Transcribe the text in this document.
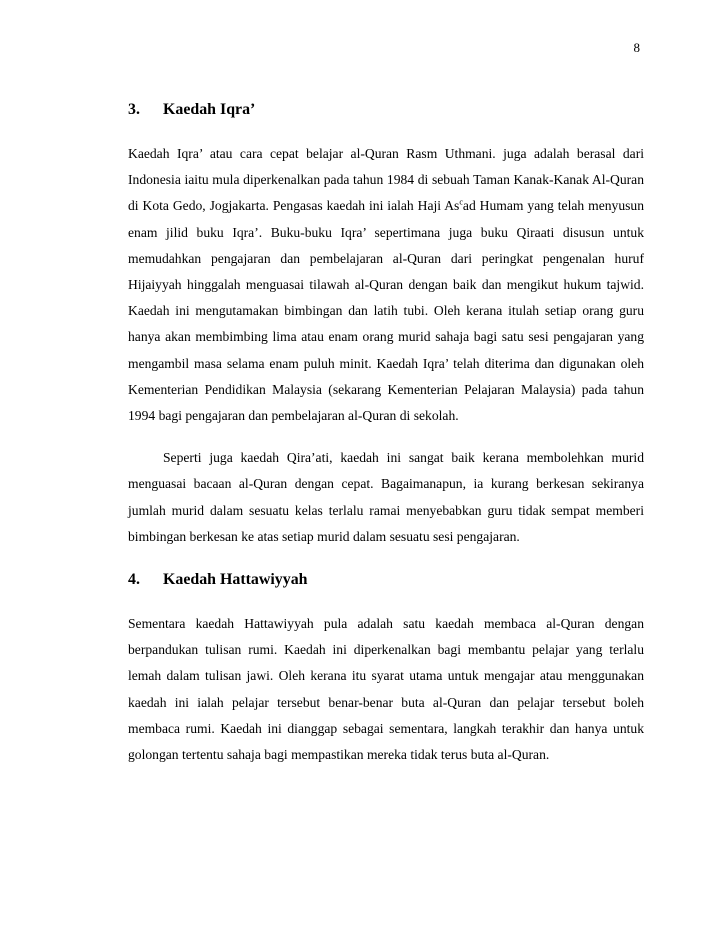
8
3.	Kaedah Iqra’

Kaedah Iqra’ atau cara cepat belajar al-Quran Rasm Uthmani. juga adalah berasal dari Indonesia iaitu mula diperkenalkan pada tahun 1984 di sebuah Taman Kanak-Kanak Al-Quran di Kota Gedo, Jogjakarta. Pengasas kaedah ini ialah Haji As$^c$ad Humam yang telah menyusun enam jilid buku Iqra’. Buku-buku Iqra’ sepertimana juga buku Qiraati disusun untuk memudahkan pengajaran dan pembelajaran al-Quran dari peringkat pengenalan huruf Hijaiyyah hinggalah menguasai tilawah al-Quran dengan baik dan mengikut hukum tajwid. Kaedah ini mengutamakan bimbingan dan latih tubi. Oleh kerana itulah setiap orang guru hanya akan membimbing lima atau enam orang murid sahaja bagi satu sesi pengajaran yang mengambil masa selama enam puluh minit. Kaedah Iqra’ telah diterima dan digunakan oleh Kementerian Pendidikan Malaysia (sekarang Kementerian Pelajaran Malaysia) pada tahun 1994 bagi pengajaran dan pembelajaran al-Quran di sekolah.

Seperti juga kaedah Qira’ati, kaedah ini sangat baik kerana membolehkan murid menguasai bacaan al-Quran dengan cepat. Bagaimanapun, ia kurang berkesan sekiranya jumlah murid dalam sesuatu kelas terlalu ramai menyebabkan guru tidak sempat memberi bimbingan berkesan ke atas setiap murid dalam sesuatu sesi pengajaran.

4.	Kaedah Hattawiyyah

Sementara kaedah Hattawiyyah pula adalah satu kaedah membaca al-Quran dengan berpandukan tulisan rumi. Kaedah ini diperkenalkan bagi membantu pelajar yang terlalu lemah dalam tulisan jawi. Oleh kerana itu syarat utama untuk mengajar atau menggunakan kaedah ini ialah pelajar tersebut benar-benar buta al-Quran dan pelajar tersebut boleh membaca rumi. Kaedah ini dianggap sebagai sementara, langkah terakhir dan hanya untuk golongan tertentu sahaja bagi mempastikan mereka tidak terus buta al-Quran.
